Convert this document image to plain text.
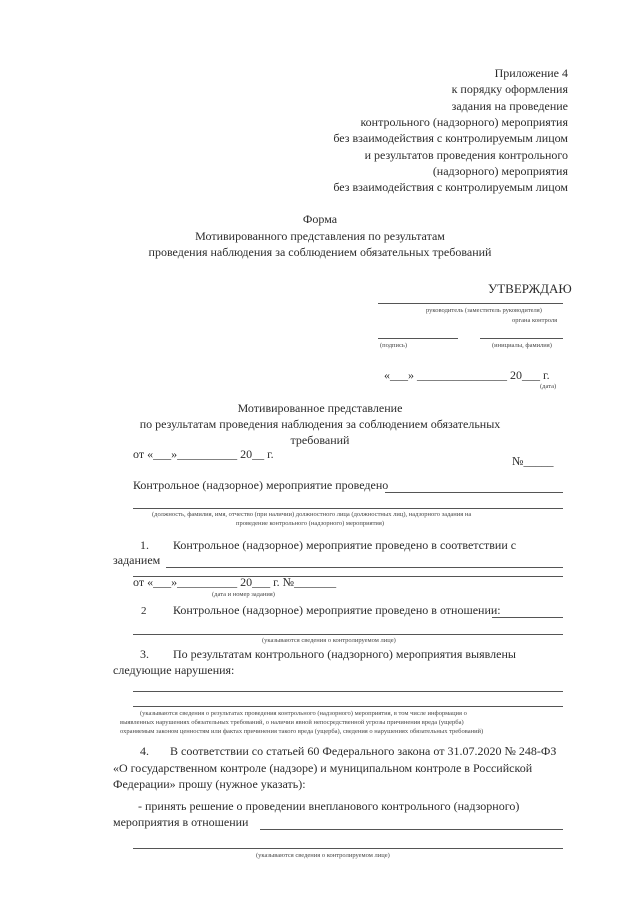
Приложение 4
к порядку оформления
задания на проведение
контрольного (надзорного) мероприятия
без взаимодействия с контролируемым лицом
и результатов проведения контрольного
(надзорного) мероприятия
без взаимодействия с контролируемым лицом
Форма
Мотивированного представления по результатам
проведения наблюдения за соблюдением обязательных требований
УТВЕРЖДАЮ
руководитель (заместитель руководителя)
органа контроля
(подпись)	(инициалы, фамилия)
«___» _______________ 20___ г.
(дата)
Мотивированное представление
по результатам проведения наблюдения за соблюдением обязательных
требований
от «___»__________ 20__ г.	№_____
Контрольное (надзорное) мероприятие проведено
(должность, фамилия, имя, отчество (при наличии) должностного лица (должностных лиц), надзорного задания на
проведение контрольного (надзорного) мероприятия)
1. Контрольное (надзорное) мероприятие проведено в соответствии с
заданием
от «___»__________ 20___ г. №_______
(дата и номер задания)
2 Контрольное (надзорное) мероприятие проведено в отношении:
(указываются сведения о контролируемом лице)
3. По результатам контрольного (надзорного) мероприятия выявлены
следующие нарушения:
(указываются сведения о результатах проведения контрольного (надзорного) мероприятия, в том числе информация о
выявленных нарушениях обязательных требований, о наличии явной непосредственной угрозы причинения вреда (ущерба)
охраняемым законом ценностям или фактах причинения такого вреда (ущерба), сведения о нарушениях обязательных требований)
4. В соответствии со статьей 60 Федерального закона от 31.07.2020 № 248-ФЗ
«О государственном контроле (надзоре) и муниципальном контроле в Российской
Федерации» прошу (нужное указать):
- принять решение о проведении внепланового контрольного (надзорного)
мероприятия в отношении
(указываются сведения о контролируемом лице)
